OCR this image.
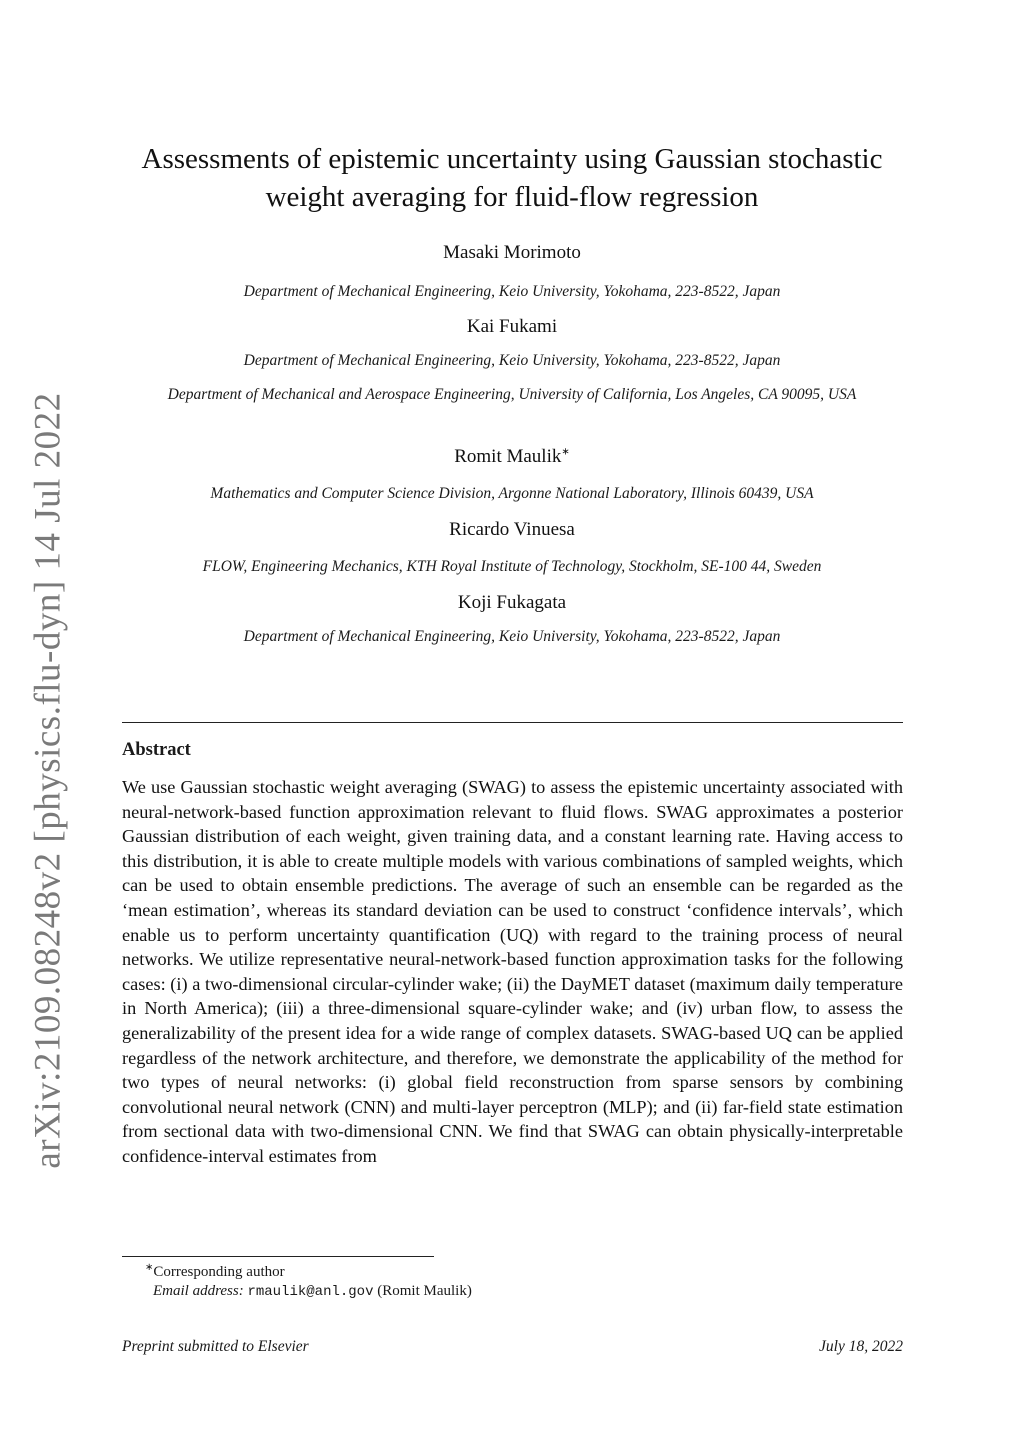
arXiv:2109.08248v2 [physics.flu-dyn] 14 Jul 2022
Assessments of epistemic uncertainty using Gaussian stochastic weight averaging for fluid-flow regression
Masaki Morimoto
Department of Mechanical Engineering, Keio University, Yokohama, 223-8522, Japan
Kai Fukami
Department of Mechanical Engineering, Keio University, Yokohama, 223-8522, Japan
Department of Mechanical and Aerospace Engineering, University of California, Los Angeles, CA 90095, USA
Romit Maulik∗
Mathematics and Computer Science Division, Argonne National Laboratory, Illinois 60439, USA
Ricardo Vinuesa
FLOW, Engineering Mechanics, KTH Royal Institute of Technology, Stockholm, SE-100 44, Sweden
Koji Fukagata
Department of Mechanical Engineering, Keio University, Yokohama, 223-8522, Japan
Abstract
We use Gaussian stochastic weight averaging (SWAG) to assess the epistemic uncertainty associated with neural-network-based function approximation relevant to fluid flows. SWAG approximates a posterior Gaussian distribution of each weight, given training data, and a constant learning rate. Having access to this distribution, it is able to create multiple models with various combinations of sampled weights, which can be used to obtain ensemble predictions. The average of such an ensemble can be regarded as the ‘mean estimation’, whereas its standard deviation can be used to construct ‘confidence intervals’, which enable us to perform uncertainty quantification (UQ) with regard to the training process of neural networks. We utilize representative neural-network-based function approximation tasks for the following cases: (i) a two-dimensional circular-cylinder wake; (ii) the DayMET dataset (maximum daily temperature in North America); (iii) a three-dimensional square-cylinder wake; and (iv) urban flow, to assess the generalizability of the present idea for a wide range of complex datasets. SWAG-based UQ can be applied regardless of the network architecture, and therefore, we demonstrate the applicability of the method for two types of neural networks: (i) global field reconstruction from sparse sensors by combining convolutional neural network (CNN) and multi-layer perceptron (MLP); and (ii) far-field state estimation from sectional data with two-dimensional CNN. We find that SWAG can obtain physically-interpretable confidence-interval estimates from
∗Corresponding author
Email address: rmaulik@anl.gov (Romit Maulik)
Preprint submitted to Elsevier	July 18, 2022
